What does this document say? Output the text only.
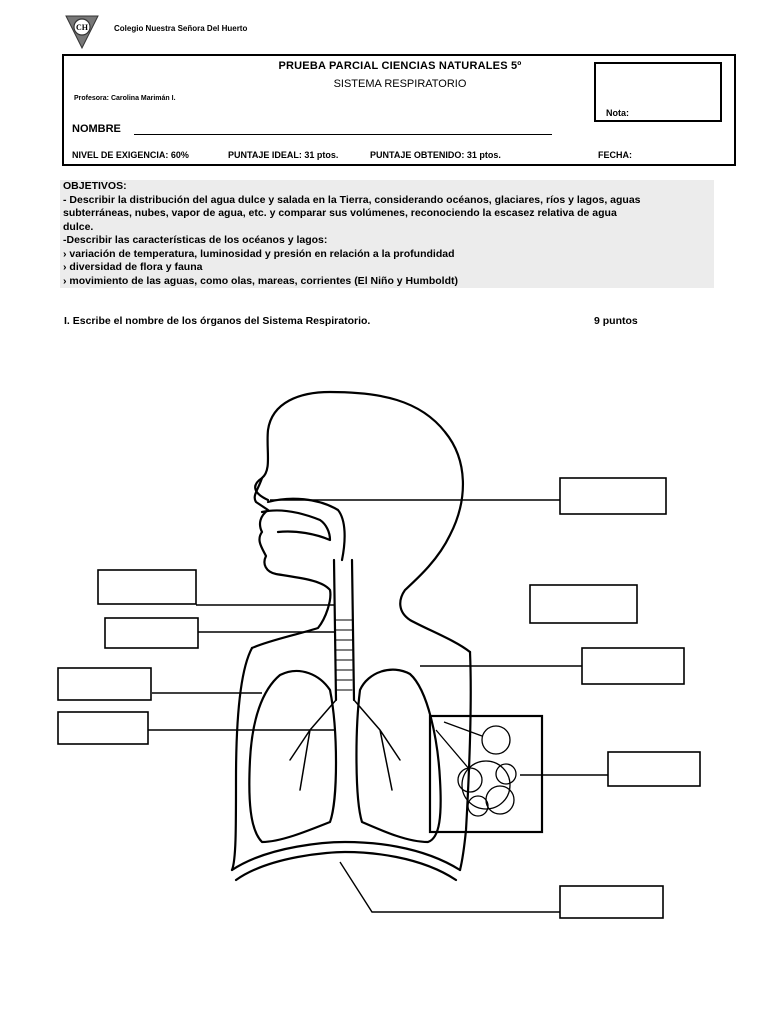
CH	Colegio Nuestra Señora Del Huerto
PRUEBA PARCIAL CIENCIAS NATURALES 5º
SISTEMA RESPIRATORIO
Profesora: Carolina Marimán I.
NOMBRE
NIVEL DE EXIGENCIA: 60%	PUNTAJE IDEAL: 31 ptos.	PUNTAJE OBTENIDO: 31 ptos.	FECHA:
Nota:
OBJETIVOS:
- Describir la distribución del agua dulce y salada en la Tierra, considerando océanos, glaciares, ríos y lagos, aguas
subterráneas, nubes, vapor de agua, etc. y comparar sus volúmenes, reconociendo la escasez relativa de agua
dulce.
-Describir las características de los océanos y lagos:
› variación de temperatura, luminosidad y presión en relación a la profundidad
› diversidad de flora y fauna
› movimiento de las aguas, como olas, mareas, corrientes (El Niño y Humboldt)
I. Escribe el nombre de los órganos del Sistema Respiratorio.	9 puntos
